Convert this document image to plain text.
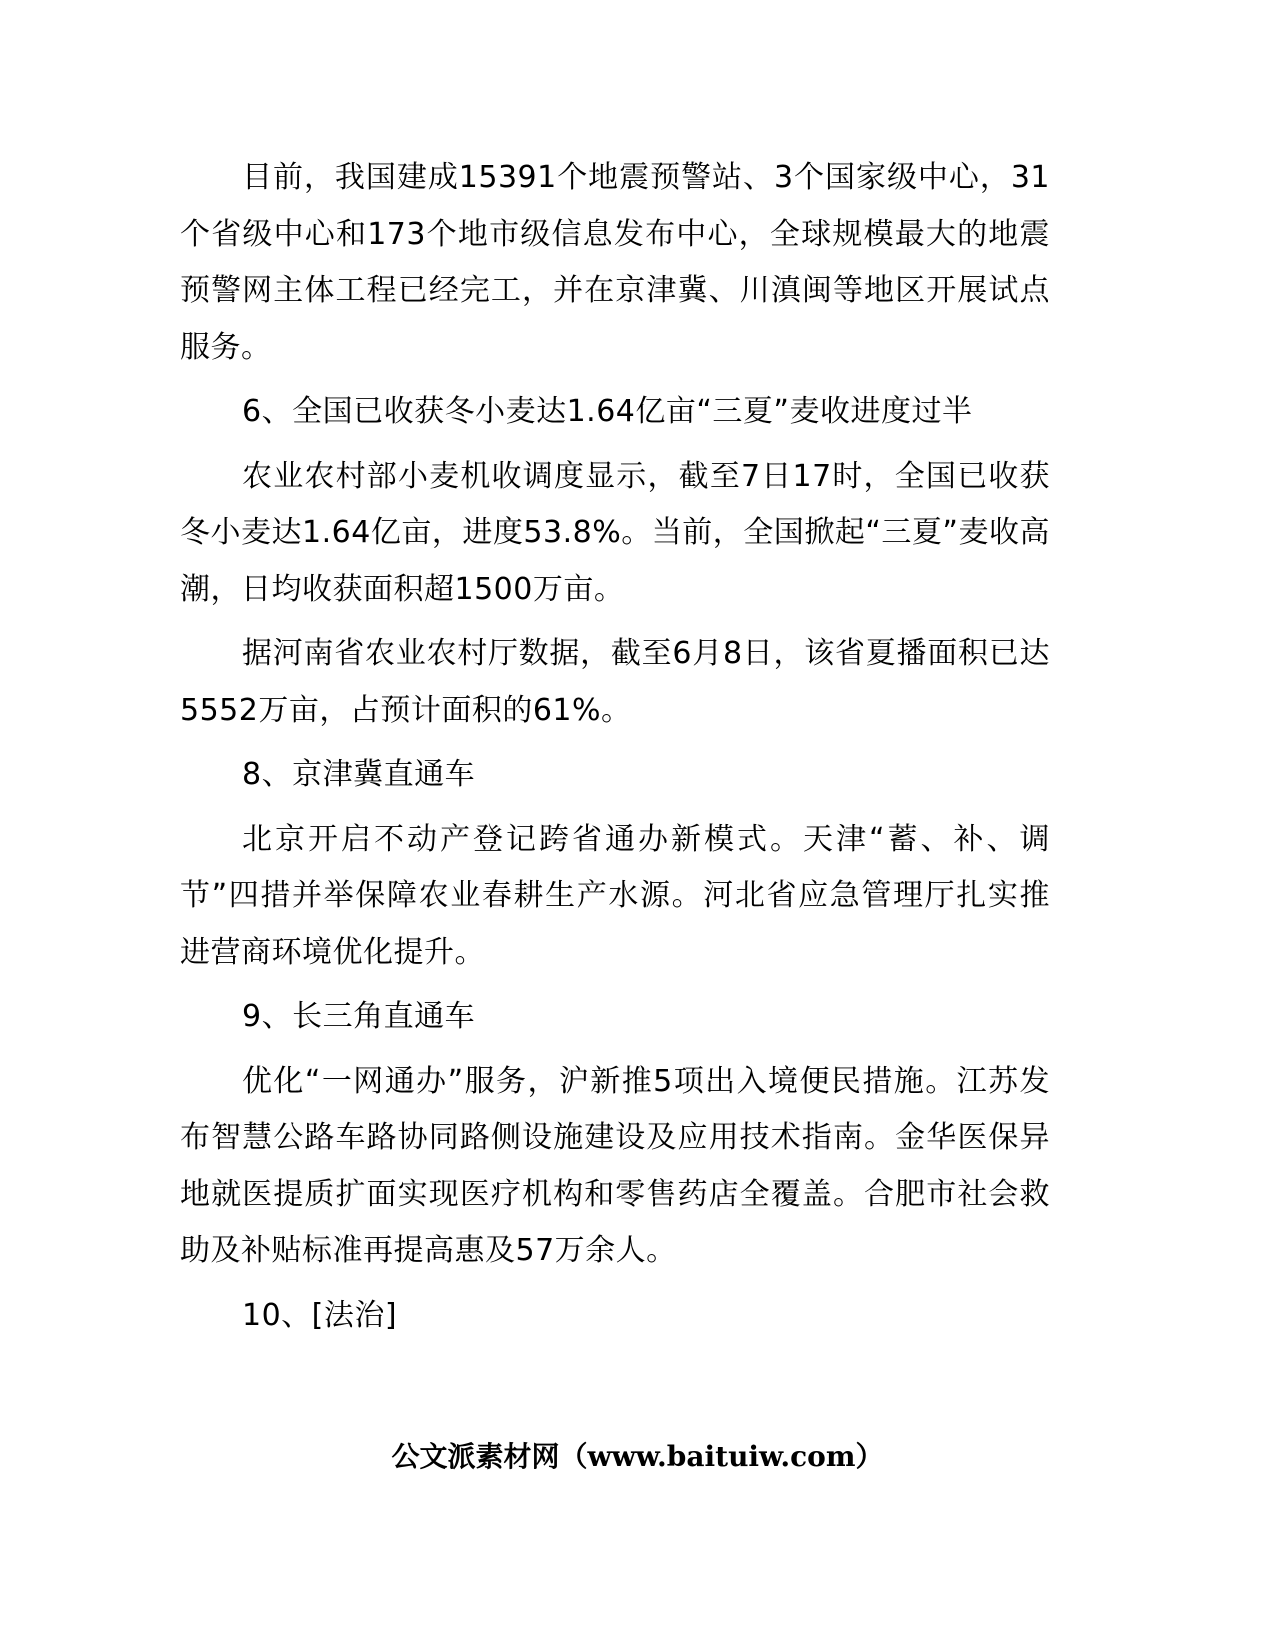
目前，我国建成15391个地震预警站、3个国家级中心，31个省级中心和173个地市级信息发布中心，全球规模最大的地震预警网主体工程已经完工，并在京津冀、川滇闽等地区开展试点服务。

6、全国已收获冬小麦达1.64亿亩“三夏”麦收进度过半

农业农村部小麦机收调度显示，截至7日17时，全国已收获冬小麦达1.64亿亩，进度53.8%。当前，全国掀起“三夏”麦收高潮，日均收获面积超1500万亩。

据河南省农业农村厅数据，截至6月8日，该省夏播面积已达5552万亩，占预计面积的61%。

8、京津冀直通车

北京开启不动产登记跨省通办新模式。天津“蓄、补、调节”四措并举保障农业春耕生产水源。河北省应急管理厅扎实推进营商环境优化提升。

9、长三角直通车

优化“一网通办”服务，沪新推5项出入境便民措施。江苏发布智慧公路车路协同路侧设施建设及应用技术指南。金华医保异地就医提质扩面实现医疗机构和零售药店全覆盖。合肥市社会救助及补贴标准再提高惠及57万余人。

10、[法治]

公文派素材网（www.baituiw.com）
